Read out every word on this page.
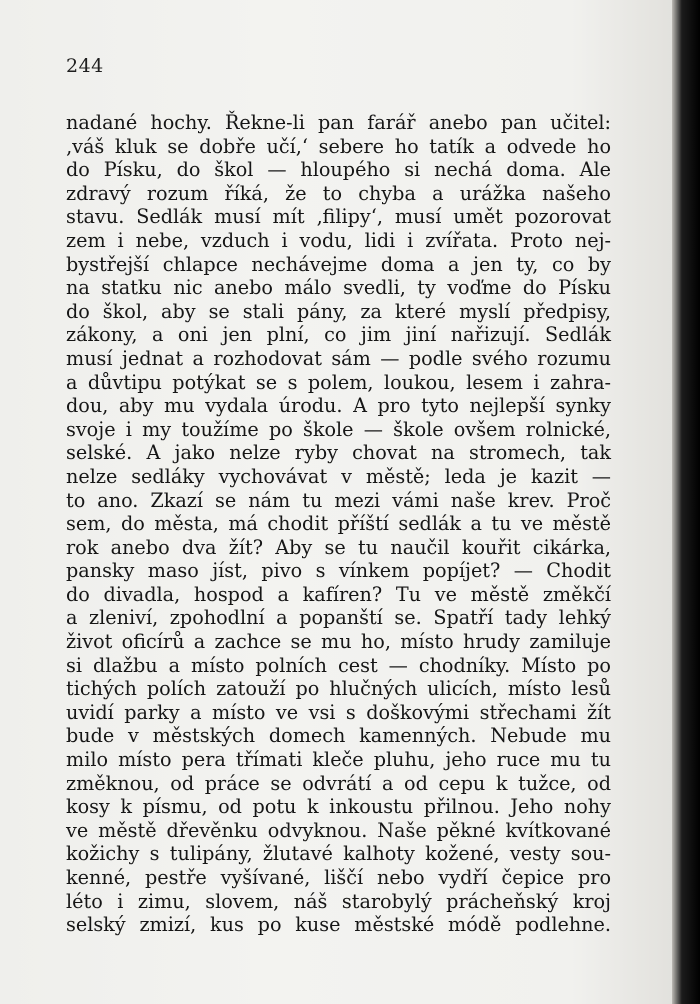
244
nadané hochy. Řekne-li pan farář anebo pan učitel:
‚váš kluk se dobře učí,‘ sebere ho tatík a odvede ho
do Písku, do škol — hloupého si nechá doma. Ale
zdravý rozum říká, že to chyba a urážka našeho
stavu. Sedlák musí mít ‚filipy‘, musí umět pozorovat
zem i nebe, vzduch i vodu, lidi i zvířata. Proto nej-
bystřejší chlapce nechávejme doma a jen ty, co by
na statku nic anebo málo svedli, ty voďme do Písku
do škol, aby se stali pány, za které myslí předpisy,
zákony, a oni jen plní, co jim jiní nařizují. Sedlák
musí jednat a rozhodovat sám — podle svého rozumu
a důvtipu potýkat se s polem, loukou, lesem i zahra-
dou, aby mu vydala úrodu. A pro tyto nejlepší synky
svoje i my toužíme po škole — škole ovšem rolnické,
selské. A jako nelze ryby chovat na stromech, tak
nelze sedláky vychovávat v městě; leda je kazit —
to ano. Zkazí se nám tu mezi vámi naše krev. Proč
sem, do města, má chodit příští sedlák a tu ve městě
rok anebo dva žít? Aby se tu naučil kouřit cikárka,
pansky maso jíst, pivo s vínkem popíjet? — Chodit
do divadla, hospod a kafíren? Tu ve městě změkčí
a zleniví, zpohodlní a popanští se. Spatří tady lehký
život oficírů a zachce se mu ho, místo hrudy zamiluje
si dlažbu a místo polních cest — chodníky. Místo po
tichých polích zatouží po hlučných ulicích, místo lesů
uvidí parky a místo ve vsi s doškovými střechami žít
bude v městských domech kamenných. Nebude mu
milo místo pera třímati kleče pluhu, jeho ruce mu tu
změknou, od práce se odvrátí a od cepu k tužce, od
kosy k písmu, od potu k inkoustu přilnou. Jeho nohy
ve městě dřevěnku odvyknou. Naše pěkné kvítkované
kožichy s tulipány, žlutavé kalhoty kožené, vesty sou-
kenné, pestře vyšívané, liščí nebo vydří čepice pro
léto i zimu, slovem, náš starobylý prácheňský kroj
selský zmizí, kus po kuse městské módě podlehne.
